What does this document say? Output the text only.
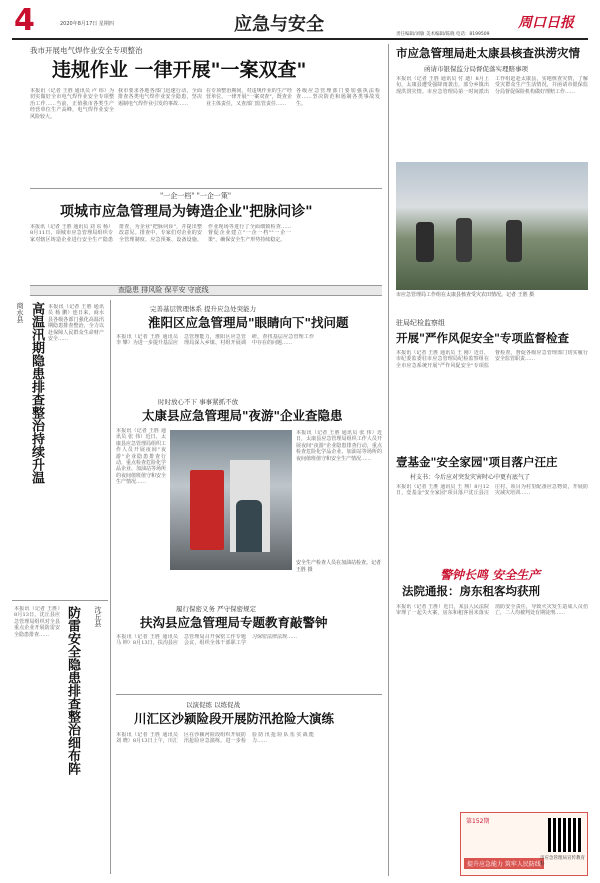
4	2020年8月17日 星期四	应急与安全	周口日报
责任编辑/刘敏 美术编辑/陈晓 电话：8199509
我市开展电气焊作业安全专项整治
违规作业 一律开展"一案双查"
本报讯（记者 王胜 通讯员 卢 纬）为切实做好全市电气焊作业安全专项整治工作……当前，正值我市各类生产经营单位生产高峰，电气焊作业安全风险较大。
我市要求各地各部门迅速行动，全面排查各类电气焊作业安全隐患，坚决遏制电气焊作业引发的事故……
在专项整治期间，对违规作业的生产经营单位，一律开展"一案双查"，既查企业主体责任，又查部门监管责任……
各级应急管理部门要加强执法检查……坚决防范和遏制各类事故发生。
"一企一档" "一企一策"
项城市应急管理局为铸造企业"把脉问诊"
本报讯（记者 王胜 通讯员 刘 东 杨）8月11日，项城市应急管理局组织专家对辖区铸造企业进行安全生产隐患排查，为企业"把脉问诊"，并提出整改意见。排查中，专家们对企业的安全管理制度、应急预案、设备设施、作业现场等进行了全面细致检查……督促企业建立"一企一档""一企一策"，确保安全生产形势持续稳定。
查隐患 排风险 保平安 守底线
商水县 高温汛期隐患排查整治持续升温 本报讯（记者 王胜 通讯员 杨 鹏）连日来，商水县各级各部门强化高温汛期隐患排查整治，全力以赴保障人民群众生命财产安全……
本报讯（记者 王胜）8月13日，沈丘县应急管理局组织对全县重点企业开展防雷安全隐患排查……
沈丘县
防雷安全隐患排查整治细布阵
完善基层管理体系 提升应急处突能力
淮阳区应急管理局"眼睛向下"找问题
本报讯（记者 王胜 通讯员 李 攀）为进一步提升基层应急管理能力，淮阳区应急管理局深入乡镇、村组开展调研，查找基层应急管理工作中存在的问题……
时时放心不下 事事紧抓不放
太康县应急管理局"夜游"企业查隐患
本报讯（记者 王胜 通讯员 张 伟）近日，太康县应急管理局组织工作人员开展夜间"夜游"企业隐患排查行动，重点检查危险化学品企业、加油站等场所的夜间值班值守和安全生产情况……
安全生产检查人员在加油站检查。记者 王胜 摄
本报讯（记者 王胜 通讯员 张 伟）近日，太康县应急管理局组织工作人员开展夜间"夜游"企业隐患排查行动，重点检查危险化学品企业、加油站等场所的夜间值班值守和安全生产情况……
履行保密义务 严守保密规定
扶沟县应急管理局专题教育敲警钟
本报讯（记者 王胜 通讯员 马 坤）8月13日，扶沟县应急管理局召开保密工作专题会议，组织全体干部职工学习保密法律法规……
以演促练 以练促战
川汇区沙颍险段开展防汛抢险大演练
本报讯（记者 王胜 通讯员 刘 晓）8月13日上午，川汇区在沙颍河险段组织开展防汛抢险应急演练，进一步检验防汛抢险队伍实战能力……
市应急管理局赴太康县核查洪涝灾情
函请市银保监分局督促落实理赔事项
本报讯（记者 王胜 通讯员 付 迪）8月上旬，太康县遭受强降雨袭击，部分乡镇出现洪涝灾情。市应急管理局第一时间派出工作组赶赴太康县，实地核查灾情，了解受灾群众生产生活情况，并函请市银保监分局督促保险机构做好理赔工作……
市应急管理局工作组在太康县核查受灾农田情况。记者 王胜 摄
驻局纪检监察组
开展"严作风促安全"专项监督检查
本报讯（记者 王胜 通讯员 王 刚）近日，市纪委监委驻市应急管理局纪检监察组在全市应急系统开展"严作风促安全"专项监督检查，督促各级应急管理部门切实履行安全监管职责……
壹基金"安全家园"项目落户汪庄
村支书：今后应对突发灾害时心中更有底气了
本报讯（记者 王胜 通讯员 王 翔）8月12日，壹基金"安全家园"项目落户沈丘县汪庄村，项目为村里配备应急物资，开展防灾减灾培训……
警钟长鸣 安全生产
法院通报：房东租客均获刑
本报讯（记者 王胜）近日，某县人民法院审理了一起失火案，房东和租客因未落实消防安全责任，导致火灾发生造成人员伤亡，二人均被判处有期徒刑……
第152期
提升应急能力 筑牢人民防线
市应急管理局宣传教育科
